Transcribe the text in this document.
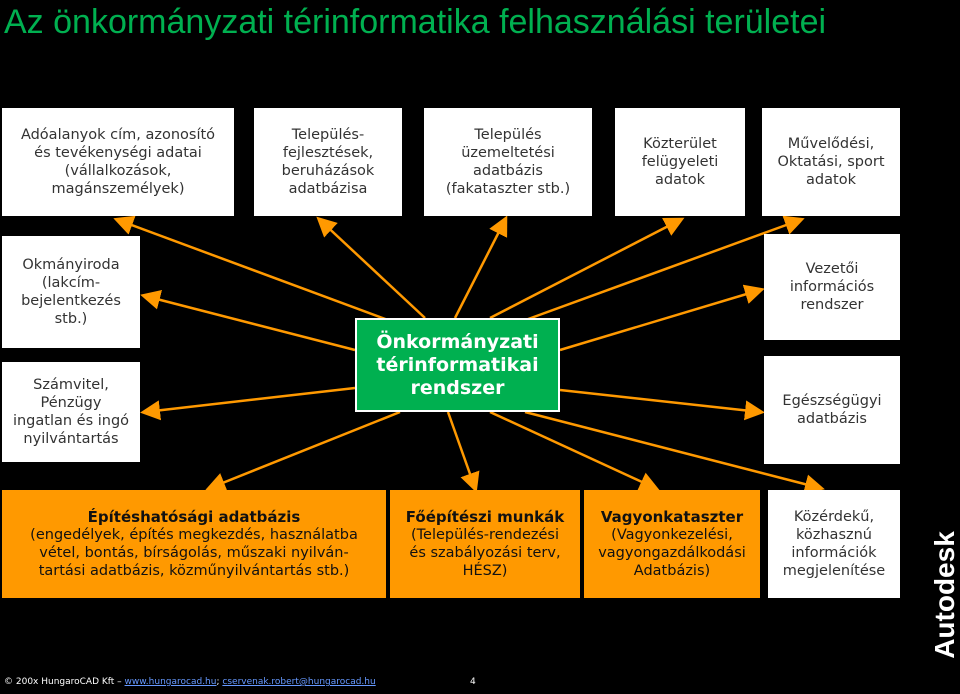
Az önkormányzati térinformatika felhasználási területei
Adóalanyok cím, azonosító
és tevékenységi adatai
(vállalkozások,
magánszemélyek)
Település-
fejlesztések,
beruházások
adatbázisa
Település
üzemeltetési
adatbázis
(fakataszter stb.)
Közterület
felügyeleti
adatok
Művelődési,
Oktatási, sport
adatok
Okmányiroda
(lakcím-
bejelentkezés
stb.)
Számvitel,
Pénzügy
ingatlan és ingó
nyilvántartás
Önkormányzati
térinformatikai
rendszer
Vezetői
információs
rendszer
Egészségügyi
adatbázis
Építéshatósági adatbázis
(engedélyek, építés megkezdés, használatba
vétel, bontás, bírságolás, műszaki nyilván-
tartási adatbázis, közműnyilvántartás stb.)
Főépítészi munkák
(Település-rendezési
és szabályozási terv,
HÉSZ)
Vagyonkataszter
(Vagyonkezelési,
vagyongazdálkodási
Adatbázis)
Közérdekű,
közhasznú
információk
megjelenítése
© 200x HungaroCAD Kft – www.hungarocad.hu; cservenak.robert@hungarocad.hu	4
Autodesk
